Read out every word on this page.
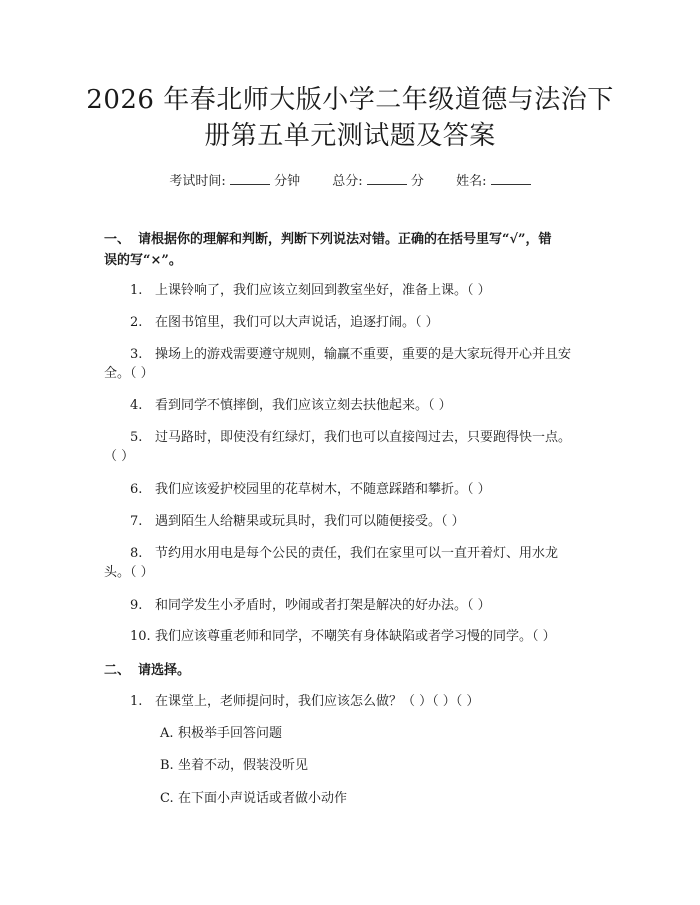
2026 年春北师大版小学二年级道德与法治下
册第五单元测试题及答案
考试时间:	分钟 总分:	分 姓名:
一、 请根据你的理解和判断，判断下列说法对错。正确的在括号里写“√”，错
误的写“×”。
1. 上课铃响了，我们应该立刻回到教室坐好，准备上课。（ ）
2. 在图书馆里，我们可以大声说话，追逐打闹。（ ）
3. 操场上的游戏需要遵守规则，输赢不重要，重要的是大家玩得开心并且安
全。（ ）
4. 看到同学不慎摔倒，我们应该立刻去扶他起来。（ ）
5. 过马路时，即使没有红绿灯，我们也可以直接闯过去，只要跑得快一点。
（ ）
6. 我们应该爱护校园里的花草树木，不随意踩踏和攀折。（ ）
7. 遇到陌生人给糖果或玩具时，我们可以随便接受。（ ）
8. 节约用水用电是每个公民的责任，我们在家里可以一直开着灯、用水龙
头。（ ）
9. 和同学发生小矛盾时，吵闹或者打架是解决的好办法。（ ）
10. 我们应该尊重老师和同学，不嘲笑有身体缺陷或者学习慢的同学。（ ）
二、 请选择。
1. 在课堂上，老师提问时，我们应该怎么做？（ ）（ ）（ ）
A. 积极举手回答问题
B. 坐着不动，假装没听见
C. 在下面小声说话或者做小动作
